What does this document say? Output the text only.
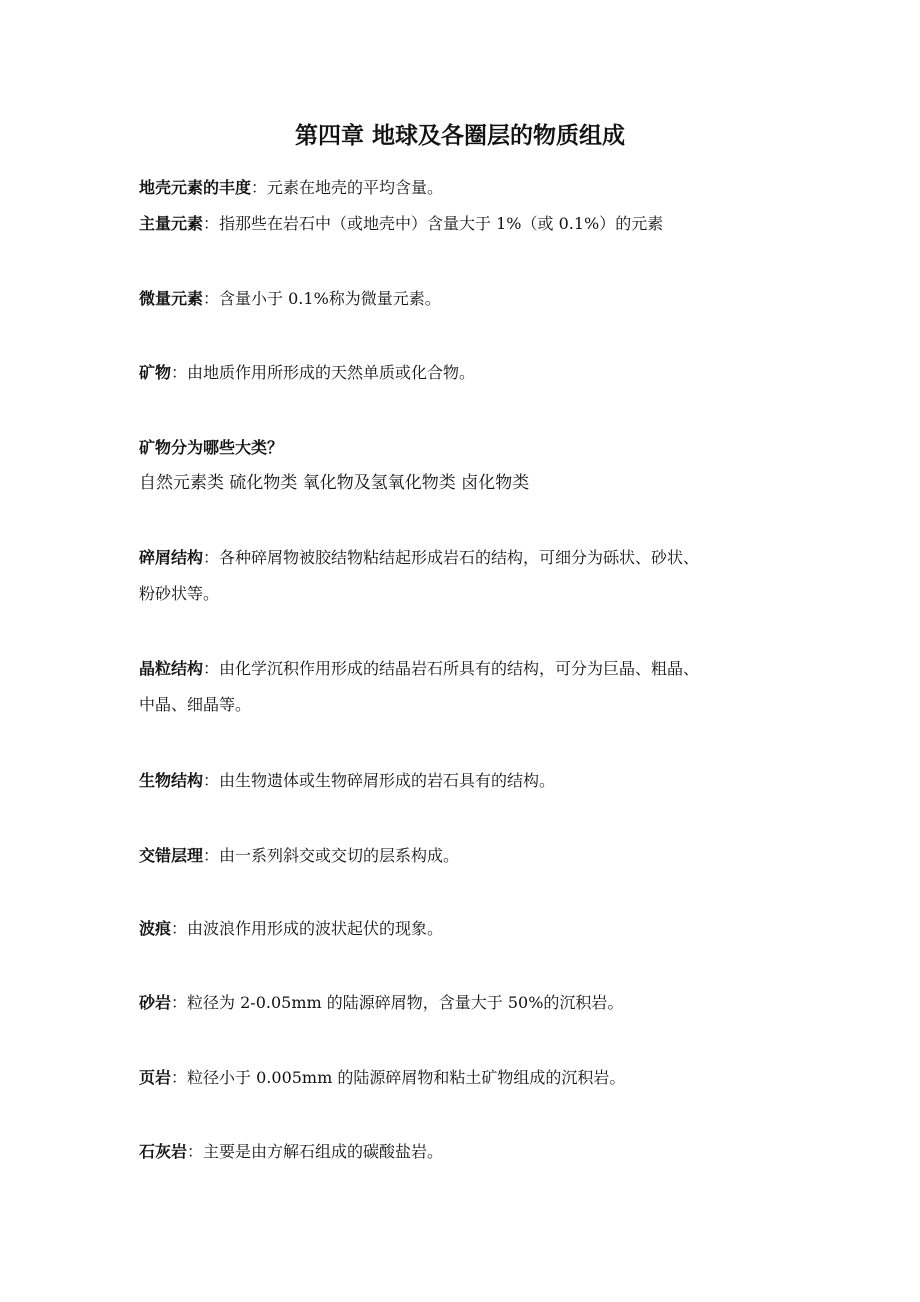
第四章 地球及各圈层的物质组成
地壳元素的丰度：元素在地壳的平均含量。
主量元素：指那些在岩石中（或地壳中）含量大于 1%（或 0.1%）的元素
微量元素：含量小于 0.1%称为微量元素。
矿物：由地质作用所形成的天然单质或化合物。
矿物分为哪些大类？
自然元素类 硫化物类 氧化物及氢氧化物类 卤化物类
碎屑结构：各种碎屑物被胶结物粘结起形成岩石的结构，可细分为砾状、砂状、
粉砂状等。
晶粒结构：由化学沉积作用形成的结晶岩石所具有的结构，可分为巨晶、粗晶、
中晶、细晶等。
生物结构：由生物遗体或生物碎屑形成的岩石具有的结构。
交错层理：由一系列斜交或交切的层系构成。
波痕：由波浪作用形成的波状起伏的现象。
砂岩：粒径为 2-0.05mm 的陆源碎屑物，含量大于 50%的沉积岩。
页岩：粒径小于 0.005mm 的陆源碎屑物和粘土矿物组成的沉积岩。
石灰岩：主要是由方解石组成的碳酸盐岩。
